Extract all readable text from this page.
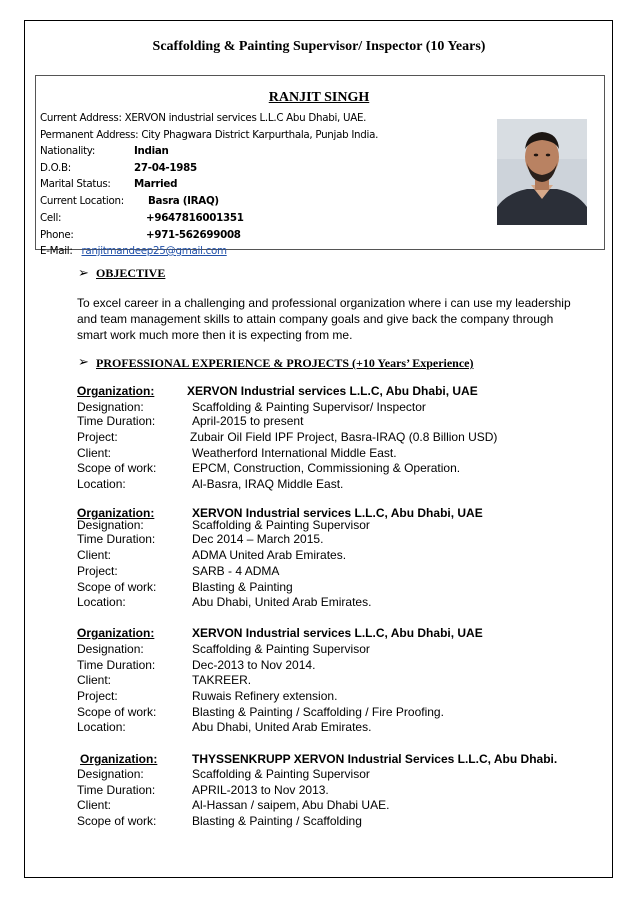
Scaffolding & Painting Supervisor/ Inspector (10 Years)
RANJIT SINGH
Current Address: XERVON industrial services L.L.C Abu Dhabi, UAE.
Permanent Address: City Phagwara District Karpurthala, Punjab India.
Nationality:	Indian
D.O.B:	27-04-1985
Marital Status: Married
Current Location: Basra (IRAQ)
Cell:	+9647816001351
Phone:	+971-562699008
E-Mail: ranjitmandeep25@gmail.com
➢ OBJECTIVE
To excel career in a challenging and professional organization where i can use my leadership and team management skills to attain company goals and give back the company through smart work much more then it is expecting from me.
➢ PROFESSIONAL EXPERIENCE & PROJECTS (+10 Years’ Experience)
Organization:	XERVON Industrial services L.L.C, Abu Dhabi, UAE
Designation:	Scaffolding & Painting Supervisor/ Inspector
Time Duration:	April-2015 to present
Project:	Zubair Oil Field IPF Project, Basra-IRAQ (0.8 Billion USD)
Client:	Weatherford International Middle East.
Scope of work:	EPCM, Construction, Commissioning & Operation.
Location:	Al-Basra, IRAQ Middle East.
Organization:	XERVON Industrial services L.L.C, Abu Dhabi, UAE
Designation:	Scaffolding & Painting Supervisor
Time Duration:	Dec 2014 – March 2015.
Client:	ADMA United Arab Emirates.
Project:	SARB - 4 ADMA
Scope of work:	Blasting & Painting
Location:	Abu Dhabi, United Arab Emirates.
Organization:	XERVON Industrial services L.L.C, Abu Dhabi, UAE
Designation:	Scaffolding & Painting Supervisor
Time Duration:	Dec-2013 to Nov 2014.
Client:	TAKREER.
Project:	Ruwais Refinery extension.
Scope of work:	Blasting & Painting / Scaffolding / Fire Proofing.
Location:	Abu Dhabi, United Arab Emirates.
Organization:	THYSSENKRUPP XERVON Industrial Services L.L.C, Abu Dhabi.
Designation:	Scaffolding & Painting Supervisor
Time Duration:	APRIL-2013 to Nov 2013.
Client:	Al-Hassan / saipem, Abu Dhabi UAE.
Scope of work:	Blasting & Painting / Scaffolding
